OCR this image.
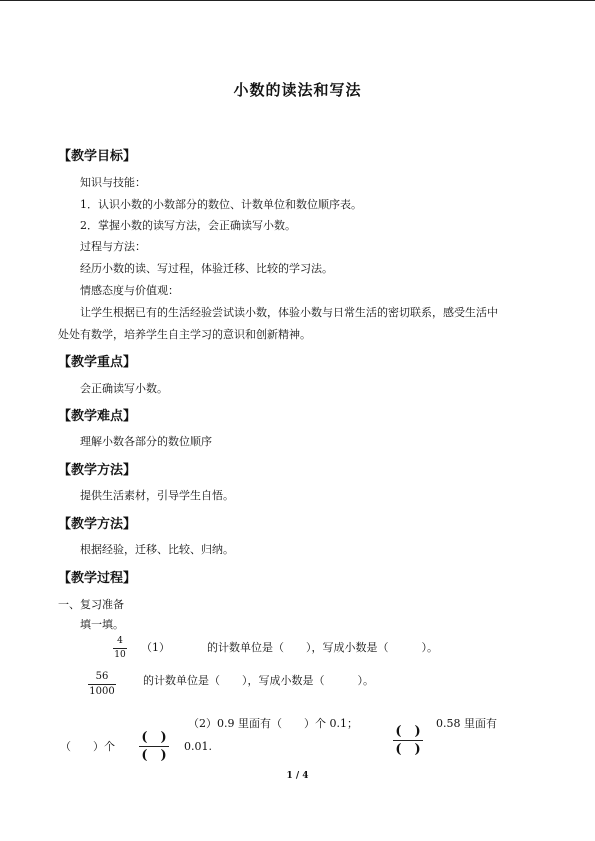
小数的读法和写法
【教学目标】
知识与技能：
1．认识小数的小数部分的数位、计数单位和数位顺序表。
2．掌握小数的读写方法，会正确读写小数。
过程与方法：
经历小数的读、写过程，体验迁移、比较的学习法。
情感态度与价值观：
让学生根据已有的生活经验尝试读小数，体验小数与日常生活的密切联系，感受生活中
处处有数学，培养学生自主学习的意识和创新精神。
【教学重点】
会正确读写小数。
【教学难点】
理解小数各部分的数位顺序
【教学方法】
提供生活素材，引导学生自悟。
【教学方法】
根据经验，迁移、比较、归纳。
【教学过程】
一、复习准备
填一填。
4
10
（1）	的计数单位是（　　），写成小数是（　　　）。
56
1000
的计数单位是（　　），写成小数是（　　　）。
（2）0.9 里面有（　　）个 0.1；
(　)
(　)
0.58 里面有
（　　）个
(　)
(　)
0.01.
1 / 4
